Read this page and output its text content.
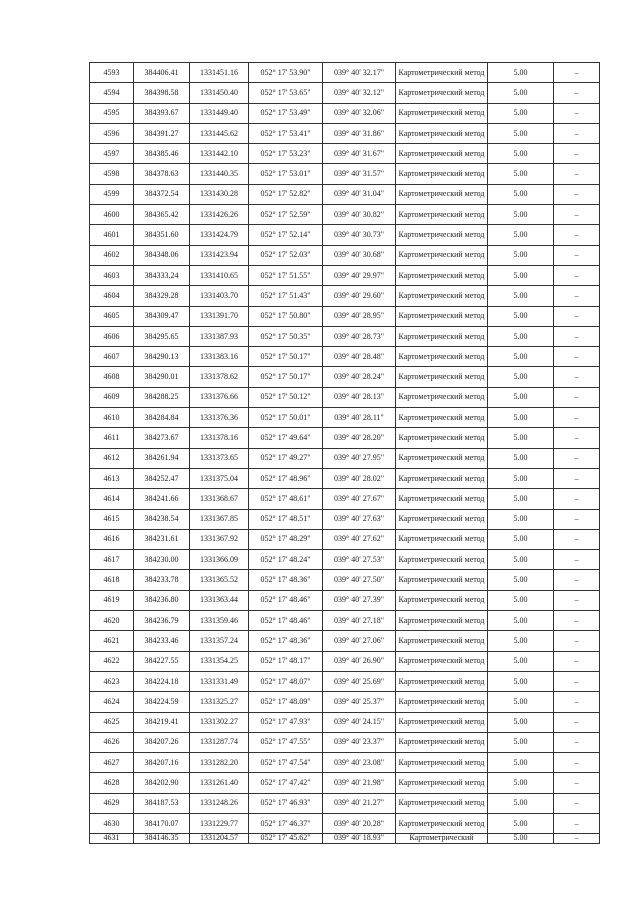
4593	384406.41	1331451.16	052° 17' 53.90"	039° 40' 32.17"	Картометрический метод	5.00	–
4594	384398.58	1331450.40	052° 17' 53.65"	039° 40' 32.12"	Картометрический метод	5.00	–
4595	384393.67	1331449.40	052° 17' 53.49"	039° 40' 32.06"	Картометрический метод	5.00	–
4596	384391.27	1331445.62	052° 17' 53.41"	039° 40' 31.86"	Картометрический метод	5.00	–
4597	384385.46	1331442.10	052° 17' 53.23"	039° 40' 31.67"	Картометрический метод	5.00	–
4598	384378.63	1331440.35	052° 17' 53.01"	039° 40' 31.57"	Картометрический метод	5.00	–
4599	384372.54	1331430.28	052° 17' 52.82"	039° 40' 31.04"	Картометрический метод	5.00	–
4600	384365.42	1331426.26	052° 17' 52.59"	039° 40' 30.82"	Картометрический метод	5.00	–
4601	384351.60	1331424.79	052° 17' 52.14"	039° 40' 30.73"	Картометрический метод	5.00	–
4602	384348.06	1331423.94	052° 17' 52.03"	039° 40' 30.68"	Картометрический метод	5.00	–
4603	384333.24	1331410.65	052° 17' 51.55"	039° 40' 29.97"	Картометрический метод	5.00	–
4604	384329.28	1331403.70	052° 17' 51.43"	039° 40' 29.60"	Картометрический метод	5.00	–
4605	384309.47	1331391.70	052° 17' 50.80"	039° 40' 28.95"	Картометрический метод	5.00	–
4606	384295.65	1331387.93	052° 17' 50.35"	039° 40' 28.73"	Картометрический метод	5.00	–
4607	384290.13	1331383.16	052° 17' 50.17"	039° 40' 28.48"	Картометрический метод	5.00	–
4608	384290.01	1331378.62	052° 17' 50.17"	039° 40' 28.24"	Картометрический метод	5.00	–
4609	384288.25	1331376.66	052° 17' 50.12"	039° 40' 28.13"	Картометрический метод	5.00	–
4610	384284.84	1331376.36	052° 17' 50.01"	039° 40' 28.11"	Картометрический метод	5.00	–
4611	384273.67	1331378.16	052° 17' 49.64"	039° 40' 28.20"	Картометрический метод	5.00	–
4612	384261.94	1331373.65	052° 17' 49.27"	039° 40' 27.95"	Картометрический метод	5.00	–
4613	384252.47	1331375.04	052° 17' 48.96"	039° 40' 28.02"	Картометрический метод	5.00	–
4614	384241.66	1331368.67	052° 17' 48.61"	039° 40' 27.67"	Картометрический метод	5.00	–
4615	384238.54	1331367.85	052° 17' 48.51"	039° 40' 27.63"	Картометрический метод	5.00	–
4616	384231.61	1331367.92	052° 17' 48.29"	039° 40' 27.62"	Картометрический метод	5.00	–
4617	384230.00	1331366.09	052° 17' 48.24"	039° 40' 27.53"	Картометрический метод	5.00	–
4618	384233.78	1331365.52	052° 17' 48.36"	039° 40' 27.50"	Картометрический метод	5.00	–
4619	384236.80	1331363.44	052° 17' 48.46"	039° 40' 27.39"	Картометрический метод	5.00	–
4620	384236.79	1331359.46	052° 17' 48.46"	039° 40' 27.18"	Картометрический метод	5.00	–
4621	384233.46	1331357.24	052° 17' 48.36"	039° 40' 27.06"	Картометрический метод	5.00	–
4622	384227.55	1331354.25	052° 17' 48.17"	039° 40' 26.90"	Картометрический метод	5.00	–
4623	384224.18	1331331.49	052° 17' 48.07"	039° 40' 25.69"	Картометрический метод	5.00	–
4624	384224.59	1331325.27	052° 17' 48.09"	039° 40' 25.37"	Картометрический метод	5.00	–
4625	384219.41	1331302.27	052° 17' 47.93"	039° 40' 24.15"	Картометрический метод	5.00	–
4626	384207.26	1331287.74	052° 17' 47.55"	039° 40' 23.37"	Картометрический метод	5.00	–
4627	384207.16	1331282.20	052° 17' 47.54"	039° 40' 23.08"	Картометрический метод	5.00	–
4628	384202.90	1331261.40	052° 17' 47.42"	039° 40' 21.98"	Картометрический метод	5.00	–
4629	384187.53	1331248.26	052° 17' 46.93"	039° 40' 21.27"	Картометрический метод	5.00	–
4630	384170.07	1331229.77	052° 17' 46.37"	039° 40' 20.28"	Картометрический метод	5.00	–
4631	384146.35	1331204.57	052° 17' 45.62"	039° 40' 18.93"	Картометрический	5.00	–
